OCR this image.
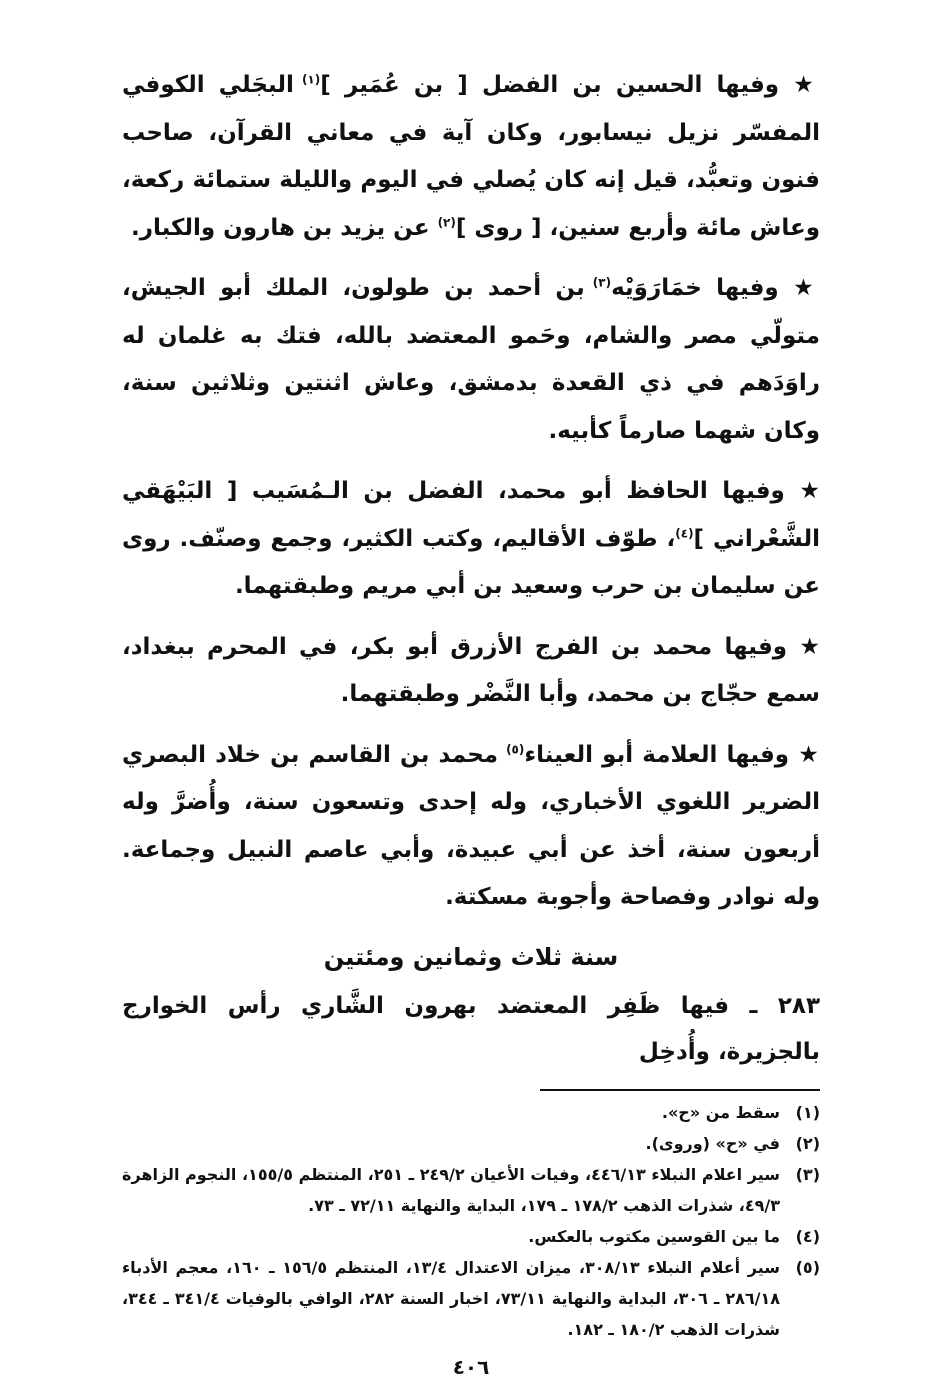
★ وفيها الحسين بن الفضل [ بن عُمَير ]$^{(١)}$ البجَلي الكوفي المفسّر نزيل نيسابور، وكان آية في معاني القرآن، صاحب فنون وتعبُّد، قيل إنه كان يُصلي في اليوم والليلة ستمائة ركعة، وعاش مائة وأربع سنين، [ روى ]$^{(٢)}$ عن يزيد بن هارون والكبار.

★ وفيها خمَارَوَيْه$^{(٣)}$ بن أحمد بن طولون، الملك أبو الجيش، متولّي مصر والشام، وحَمو المعتضد بالله، فتك به غلمان له راوَدَهم في ذي القعدة بدمشق، وعاش اثنتين وثلاثين سنة، وكان شهما صارماً كأبيه.

★ وفيها الحافظ أبو محمد، الفضل بن الـمُسَيب [ البَيْهَقي الشَّعْراني ]$^{(٤)}$، طوّف الأقاليم، وكتب الكثير، وجمع وصنّف. روى عن سليمان بن حرب وسعيد بن أبي مريم وطبقتهما.

★ وفيها محمد بن الفرج الأزرق أبو بكر، في المحرم ببغداد، سمع حجّاج بن محمد، وأبا النَّضْر وطبقتهما.

★ وفيها العلامة أبو العيناء$^{(٥)}$ محمد بن القاسم بن خلاد البصري الضرير اللغوي الأخباري، وله إحدى وتسعون سنة، وأُضرَّ وله أربعون سنة، أخذ عن أبي عبيدة، وأبي عاصم النبيل وجماعة. وله نوادر وفصاحة وأجوبة مسكتة.

سنة ثلاث وثمانين ومئتين

٢٨٣ ـ فيها ظَفِر المعتضد بهرون الشَّاري رأس الخوارج بالجزيرة، وأُدخِل

(١)
سقط من «ح».

(٢)
في «ح» (وروى).

(٣)
سير اعلام النبلاء ٤٤٦/١٣، وفيات الأعيان ٢٤٩/٢ ـ ٢٥١، المنتظم ١٥٥/٥، النجوم الزاهرة ٤٩/٣، شذرات الذهب ١٧٨/٢ ـ ١٧٩، البداية والنهاية ٧٢/١١ ـ ٧٣.

(٤)
ما بين القوسين مكتوب بالعكس.

(٥)
سير أعلام النبلاء ٣٠٨/١٣، ميزان الاعتدال ١٣/٤، المنتظم ١٥٦/٥ ـ ١٦٠، معجم الأدباء ٢٨٦/١٨ ـ ٣٠٦، البداية والنهاية ٧٣/١١، اخبار السنة ٢٨٢، الوافي بالوفيات ٣٤١/٤ ـ ٣٤٤، شذرات الذهب ١٨٠/٢ ـ ١٨٢.

٤٠٦
